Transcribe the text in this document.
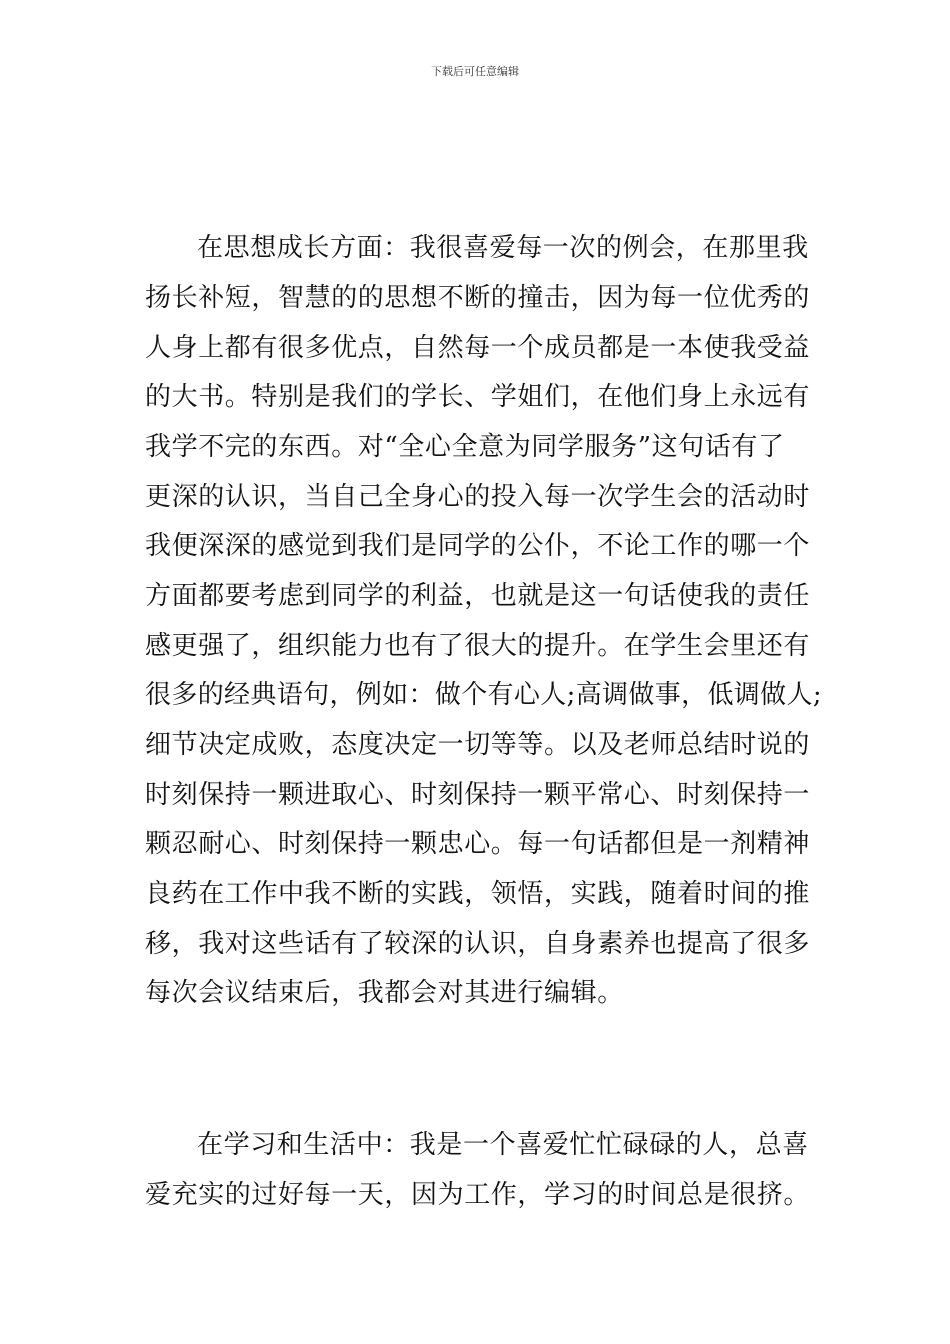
下载后可任意编辑
在思想成长方面：我很喜爱每一次的例会，在那里我
扬长补短，智慧的的思想不断的撞击，因为每一位优秀的
人身上都有很多优点，自然每一个成员都是一本使我受益
的大书。特别是我们的学长、学姐们，在他们身上永远有
我学不完的东西。对“全心全意为同学服务”这句话有了
更深的认识，当自己全身心的投入每一次学生会的活动时
我便深深的感觉到我们是同学的公仆，不论工作的哪一个
方面都要考虑到同学的利益，也就是这一句话使我的责任
感更强了，组织能力也有了很大的提升。在学生会里还有
很多的经典语句，例如：做个有心人;高调做事，低调做人;
细节决定成败，态度决定一切等等。以及老师总结时说的
时刻保持一颗进取心、时刻保持一颗平常心、时刻保持一
颗忍耐心、时刻保持一颗忠心。每一句话都但是一剂精神
良药在工作中我不断的实践，领悟，实践，随着时间的推
移，我对这些话有了较深的认识，自身素养也提高了很多
每次会议结束后，我都会对其进行编辑。
在学习和生活中：我是一个喜爱忙忙碌碌的人，总喜
爱充实的过好每一天，因为工作，学习的时间总是很挤。
